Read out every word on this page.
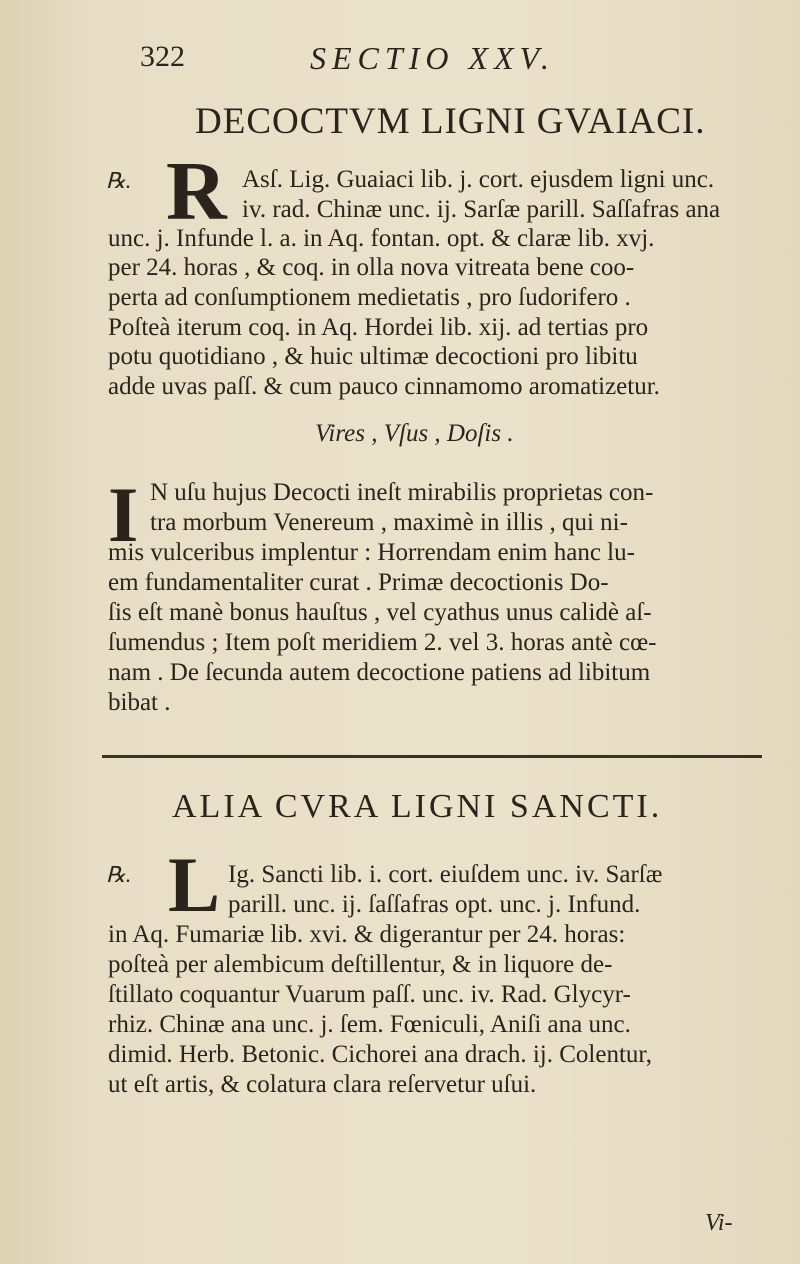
322	SECTIO XXV.
DECOCTVM LIGNI GVAIACI.
℞. R Asſ. Lig. Guaiaci lib. j. cort. ejusdem ligni unc.
iv. rad. Chinæ unc. ij. Sarſæ parill. Saſſafras ana
unc. j. Infunde l. a. in Aq. fontan. opt. & claræ lib. xvj.
per 24. horas , & coq. in olla nova vitreata bene coo-
perta ad conſumptionem medietatis , pro ſudorifero .
Poſteà iterum coq. in Aq. Hordei lib. xij. ad tertias pro
potu quotidiano , & huic ultimæ decoctioni pro libitu
adde uvas paſſ. & cum pauco cinnamomo aromatizetur.
Vires , Vſus , Doſis .
I N uſu hujus Decocti ineſt mirabilis proprietas con-
tra morbum Venereum , maximè in illis , qui ni-
mis vulceribus implentur : Horrendam enim hanc lu-
em fundamentaliter curat . Primæ decoctionis Do-
ſis eſt manè bonus hauſtus , vel cyathus unus calidè aſ-
ſumendus ; Item poſt meridiem 2. vel 3. horas antè cœ-
nam . De ſecunda autem decoctione patiens ad libitum
bibat .
ALIA CVRA LIGNI SANCTI.
℞. L Ig. Sancti lib. i. cort. eiuſdem unc. iv. Sarſæ
parill. unc. ij. ſaſſafras opt. unc. j. Infund.
in Aq. Fumariæ lib. xvi. & digerantur per 24. horas:
poſteà per alembicum deſtillentur, & in liquore de-
ſtillato coquantur Vuarum paſſ. unc. iv. Rad. Glycyr-
rhiz. Chinæ ana unc. j. ſem. Fœniculi, Aniſi ana unc.
dimid. Herb. Betonic. Cichorei ana drach. ij. Colentur,
ut eſt artis, & colatura clara reſervetur uſui.
Vi-
